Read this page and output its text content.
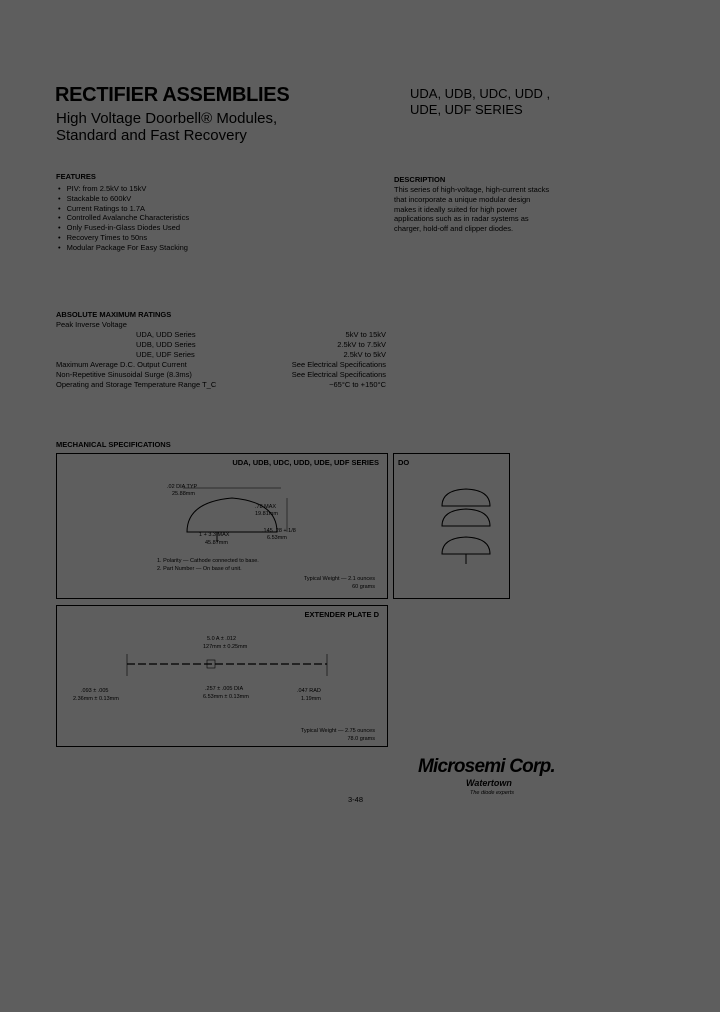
RECTIFIER ASSEMBLIES
High Voltage Doorbell® Modules,
Standard and Fast Recovery
UDA, UDB, UDC, UDD ,
UDE, UDF SERIES
FEATURES
• PIV: from 2.5kV to 15kV
• Stackable to 600kV
• Current Ratings to 1.7A
• Controlled Avalanche Characteristics
• Only Fused-in-Glass Diodes Used
• Recovery Times to 50ns
• Modular Package For Easy Stacking
DESCRIPTION
This series of high-voltage, high-current stacks that incorporate a unique modular design makes it ideally suited for high power applications such as in radar systems as charger, hold-off and clipper diodes.
ABSOLUTE MAXIMUM RATINGS
Peak Inverse Voltage
UDA, UDD Series	5kV to 15kV
UDB, UDD Series	2.5kV to 7.5kV
UDE, UDF Series	2.5kV to 5kV
Maximum Average D.C. Output Current	See Electrical Specifications
Non-Repetitive Sinusoidal Surge (8.3ms)	See Electrical Specifications
Operating and Storage Temperature Range T_C	−65°C to +150°C
MECHANICAL SPECIFICATIONS
UDA, UDB, UDC, UDD, UDE, UDF SERIES
.02 DIA TYP
25.88mm
.78 MAX
19.81mm
.145 .28 + 1/8
6.53mm
1 + 3.3 MAX
45.87mm
1. Polarity — Cathode connected to base.
2. Part Number — On base of unit.
Typical Weight — 2.1 ounces
60 grams
DO
EXTENDER PLATE D
5.0 A ± .012
127mm ± 0.25mm
.093 ± .005
2.36mm ± 0.13mm
.257 ± .005 DIA
6.53mm ± 0.13mm
.047 RAD
1.19mm
Typical Weight — 2.75 ounces
78.0 grams
Microsemi Corp.
Watertown
The diode experts
3-48
